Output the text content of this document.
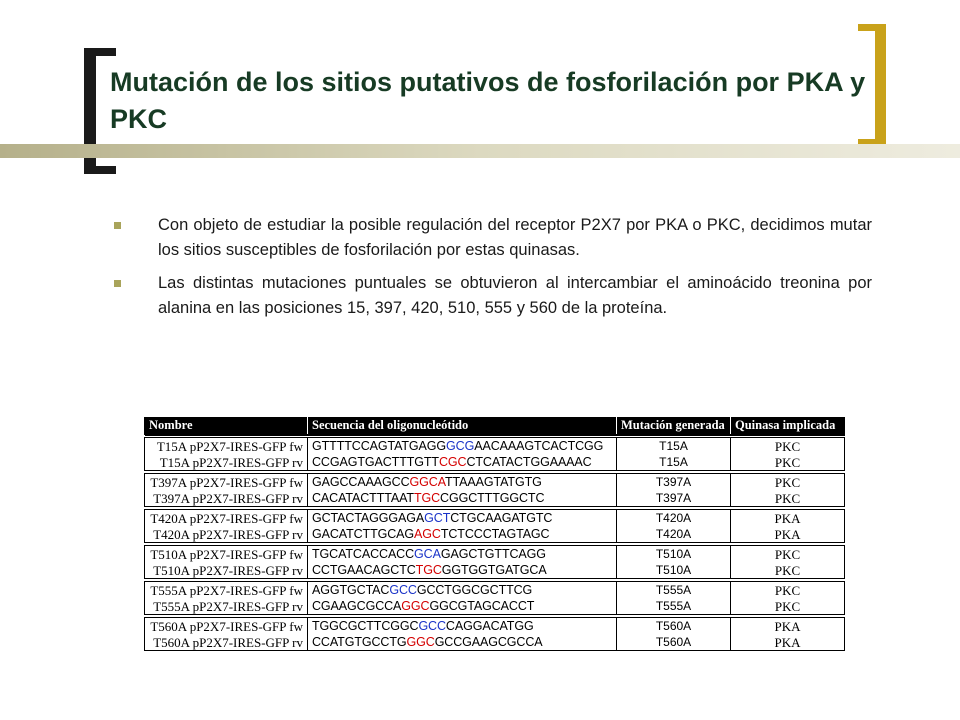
Mutación de los sitios putativos de fosforilación por PKA y PKC
Con objeto de estudiar la posible regulación del receptor P2X7 por PKA o PKC, decidimos mutar los sitios susceptibles de fosforilación por estas quinasas.
Las distintas mutaciones puntuales se obtuvieron al intercambiar el aminoácido treonina por alanina en las posiciones 15, 397, 420, 510, 555 y 560 de la proteína.
Nombre	Secuencia del oligonucleótido	Mutación generada	Quinasa implicada
T15A pP2X7-IRES-GFP fw	GTTTTCCAGTATGAGGGCGAACAAAGTCACTCGG	T15A	PKC
T15A pP2X7-IRES-GFP rv	CCGAGTGACTTTGTTCGCCTCATACTGGAAAAC	T15A	PKC
T397A pP2X7-IRES-GFP fw	GAGCCAAAGCCGGCATTAAAGTATGTG	T397A	PKC
T397A pP2X7-IRES-GFP rv	CACATACTTTAATTGCCGGCTTTGGCTC	T397A	PKC
T420A pP2X7-IRES-GFP fw	GCTACTAGGGAGAGCTCTGCAAGATGTC	T420A	PKA
T420A pP2X7-IRES-GFP rv	GACATCTTGCAGAGCTCTCCCTAGTAGC	T420A	PKA
T510A pP2X7-IRES-GFP fw	TGCATCACCACCGCAGAGCTGTTCAGG	T510A	PKC
T510A pP2X7-IRES-GFP rv	CCTGAACAGCTCTGCGGTGGTGATGCA	T510A	PKC
T555A pP2X7-IRES-GFP fw	AGGTGCTACGCCGCCTGGCGCTTCG	T555A	PKC
T555A pP2X7-IRES-GFP rv	CGAAGCGCCAGGCGGCGTAGCACCT	T555A	PKC
T560A pP2X7-IRES-GFP fw	TGGCGCTTCGGCGCCCAGGACATGG	T560A	PKA
T560A pP2X7-IRES-GFP rv	CCATGTGCCTGGGCGCCGAAGCGCCA	T560A	PKA
